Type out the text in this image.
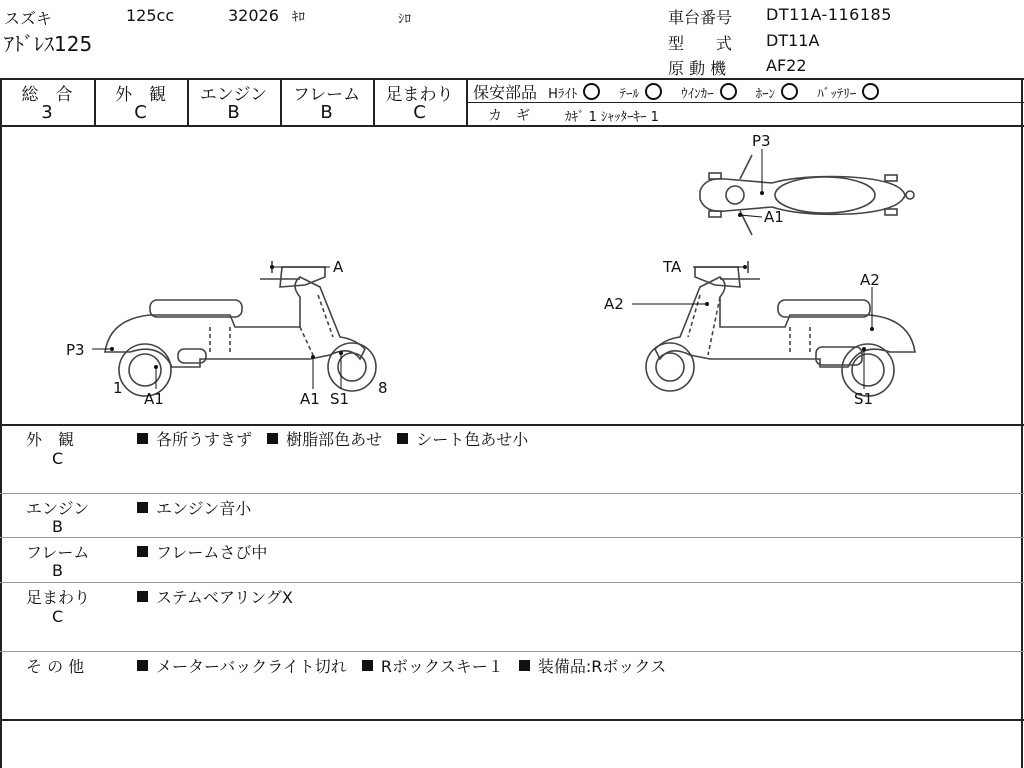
スズキ	125cc	32026 ｷﾛ	ｼﾛ
ｱﾄﾞﾚｽ125
車台番号 DT11A-116185
型　　式 DT11A
原 動 機 AF22
総　合
3
外　観
C
エンジン
B
フレーム
B
足まわり
C
保安部品 Hﾗｲﾄ	ﾃｰﾙ	ｳｲﾝｶｰ	ﾎｰﾝ	ﾊﾞｯﾃﾘｰ
カ　ギ	ｶｷﾞ 1 ｼｬｯﾀｰｷｰ 1
P3
A1
A
P3
1
A1	A1 S1
8
TA
A2
A2
S1
外　観
C
各所うすきず 樹脂部色あせ シート色あせ小
エンジン
B
エンジン音小
フレーム
B
フレームさび中
足まわり
C
ステムベアリングX
そ の 他	メーターバックライト切れ Rボックスキー１ 装備品:Rボックス
